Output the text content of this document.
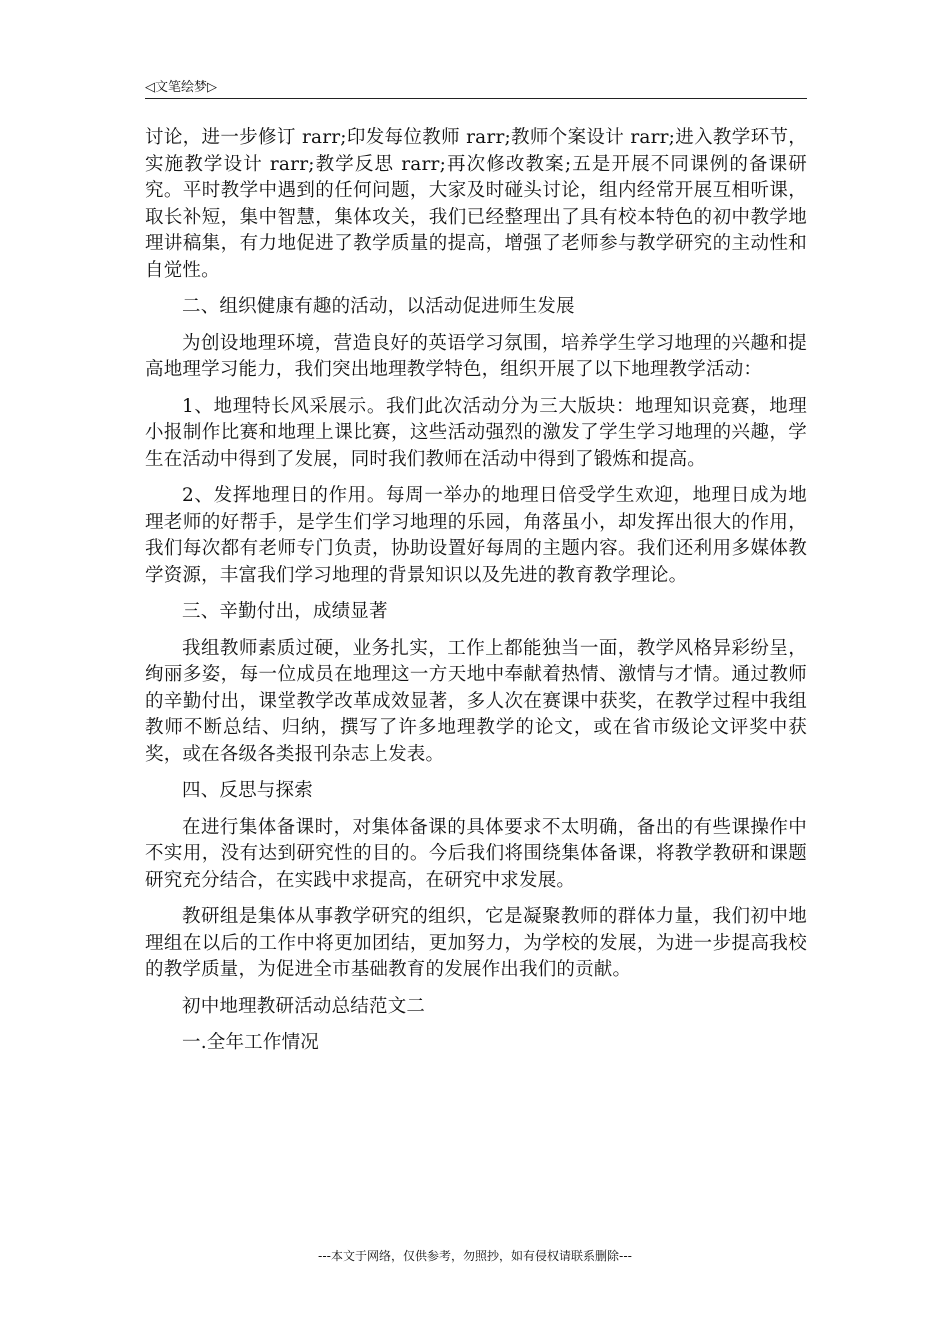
◁文笔绘梦▷

讨论，进一步修订 rarr;印发每位教师 rarr;教师个案设计 rarr;进入教学环节，实施教学设计 rarr;教学反思 rarr;再次修改教案;五是开展不同课例的备课研究。平时教学中遇到的任何问题，大家及时碰头讨论，组内经常开展互相听课，取长补短，集中智慧，集体攻关，我们已经整理出了具有校本特色的初中教学地理讲稿集，有力地促进了教学质量的提高，增强了老师参与教学研究的主动性和自觉性。

二、组织健康有趣的活动，以活动促进师生发展

为创设地理环境，营造良好的英语学习氛围，培养学生学习地理的兴趣和提高地理学习能力，我们突出地理教学特色，组织开展了以下地理教学活动：

1、地理特长风采展示。我们此次活动分为三大版块：地理知识竞赛，地理小报制作比赛和地理上课比赛，这些活动强烈的激发了学生学习地理的兴趣，学生在活动中得到了发展，同时我们教师在活动中得到了锻炼和提高。

2、发挥地理日的作用。每周一举办的地理日倍受学生欢迎，地理日成为地理老师的好帮手，是学生们学习地理的乐园，角落虽小，却发挥出很大的作用，我们每次都有老师专门负责，协助设置好每周的主题内容。我们还利用多媒体教学资源，丰富我们学习地理的背景知识以及先进的教育教学理论。

三、辛勤付出，成绩显著

我组教师素质过硬，业务扎实，工作上都能独当一面，教学风格异彩纷呈，绚丽多姿，每一位成员在地理这一方天地中奉献着热情、激情与才情。通过教师的辛勤付出，课堂教学改革成效显著，多人次在赛课中获奖，在教学过程中我组教师不断总结、归纳，撰写了许多地理教学的论文，或在省市级论文评奖中获奖，或在各级各类报刊杂志上发表。

四、反思与探索

在进行集体备课时，对集体备课的具体要求不太明确，备出的有些课操作中不实用，没有达到研究性的目的。今后我们将围绕集体备课，将教学教研和课题研究充分结合，在实践中求提高，在研究中求发展。

教研组是集体从事教学研究的组织，它是凝聚教师的群体力量，我们初中地理组在以后的工作中将更加团结，更加努力，为学校的发展，为进一步提高我校的教学质量，为促进全市基础教育的发展作出我们的贡献。

初中地理教研活动总结范文二

一.全年工作情况

---本文于网络，仅供参考，勿照抄，如有侵权请联系删除---
